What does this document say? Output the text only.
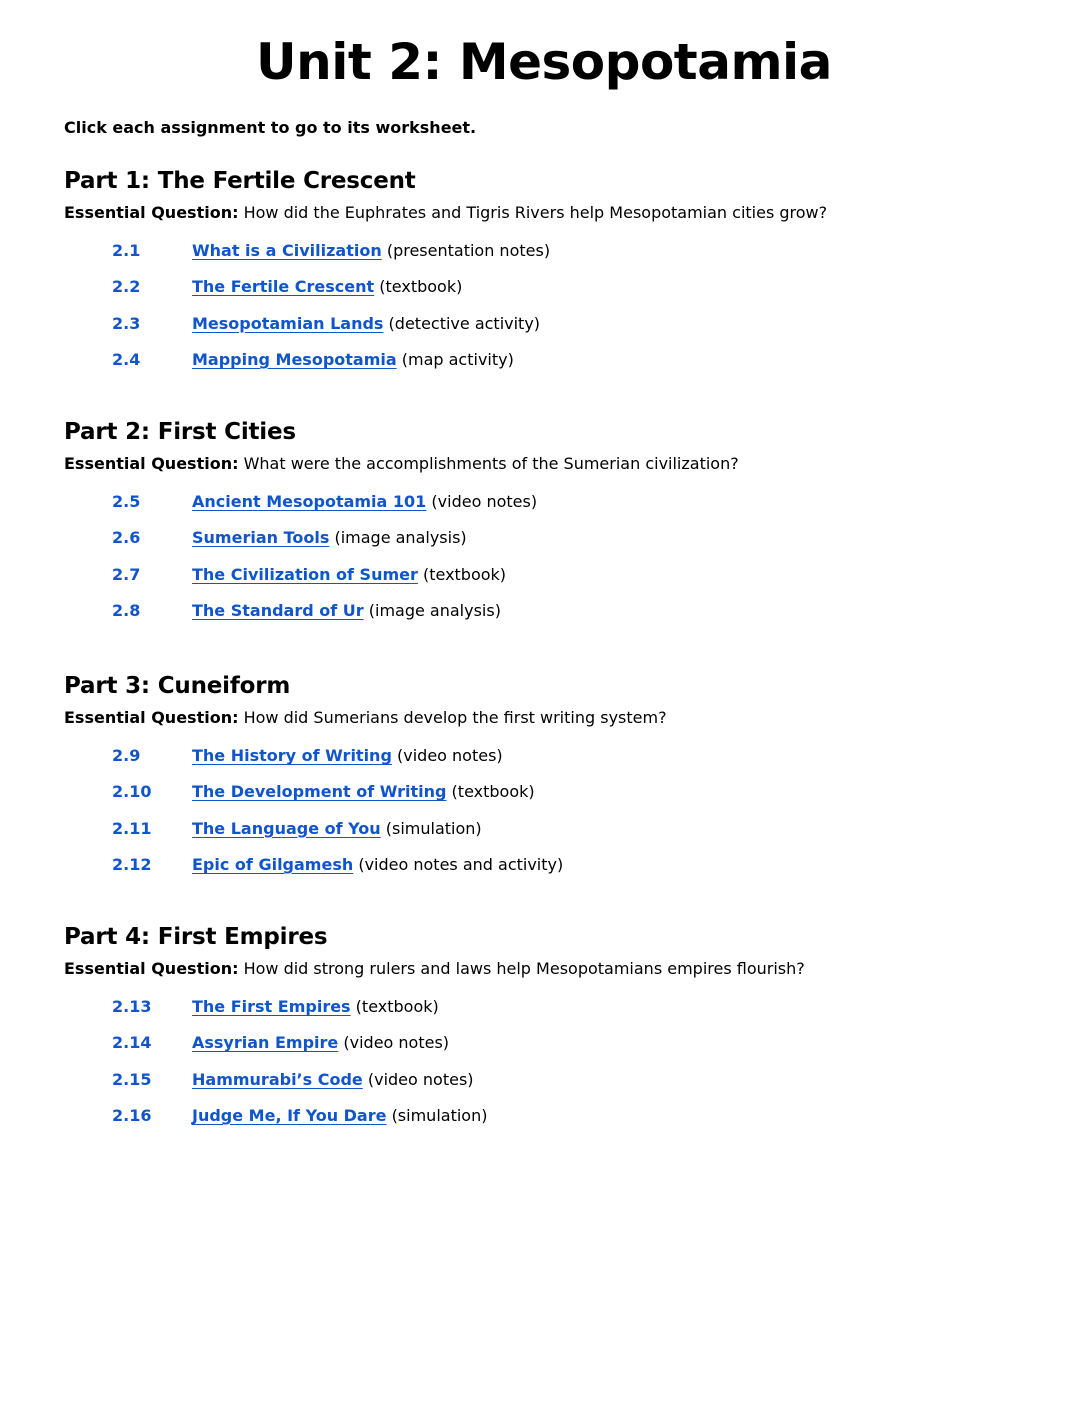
Unit 2: Mesopotamia

Click each assignment to go to its worksheet.

Part 1: The Fertile Crescent

Essential Question: How did the Euphrates and Tigris Rivers help Mesopotamian cities grow?

2.1	What is a Civilization (presentation notes)
2.2	The Fertile Crescent (textbook)
2.3	Mesopotamian Lands (detective activity)
2.4	Mapping Mesopotamia (map activity)
Part 2: First Cities

Essential Question: What were the accomplishments of the Sumerian civilization?

2.5	Ancient Mesopotamia 101 (video notes)
2.6	Sumerian Tools (image analysis)
2.7	The Civilization of Sumer (textbook)
2.8	The Standard of Ur (image analysis)
Part 3: Cuneiform

Essential Question: How did Sumerians develop the first writing system?

2.9	The History of Writing (video notes)
2.10	The Development of Writing (textbook)
2.11	The Language of You (simulation)
2.12	Epic of Gilgamesh (video notes and activity)
Part 4: First Empires

Essential Question: How did strong rulers and laws help Mesopotamians empires flourish?

2.13	The First Empires (textbook)
2.14	Assyrian Empire (video notes)
2.15	Hammurabi’s Code (video notes)
2.16	Judge Me, If You Dare (simulation)
